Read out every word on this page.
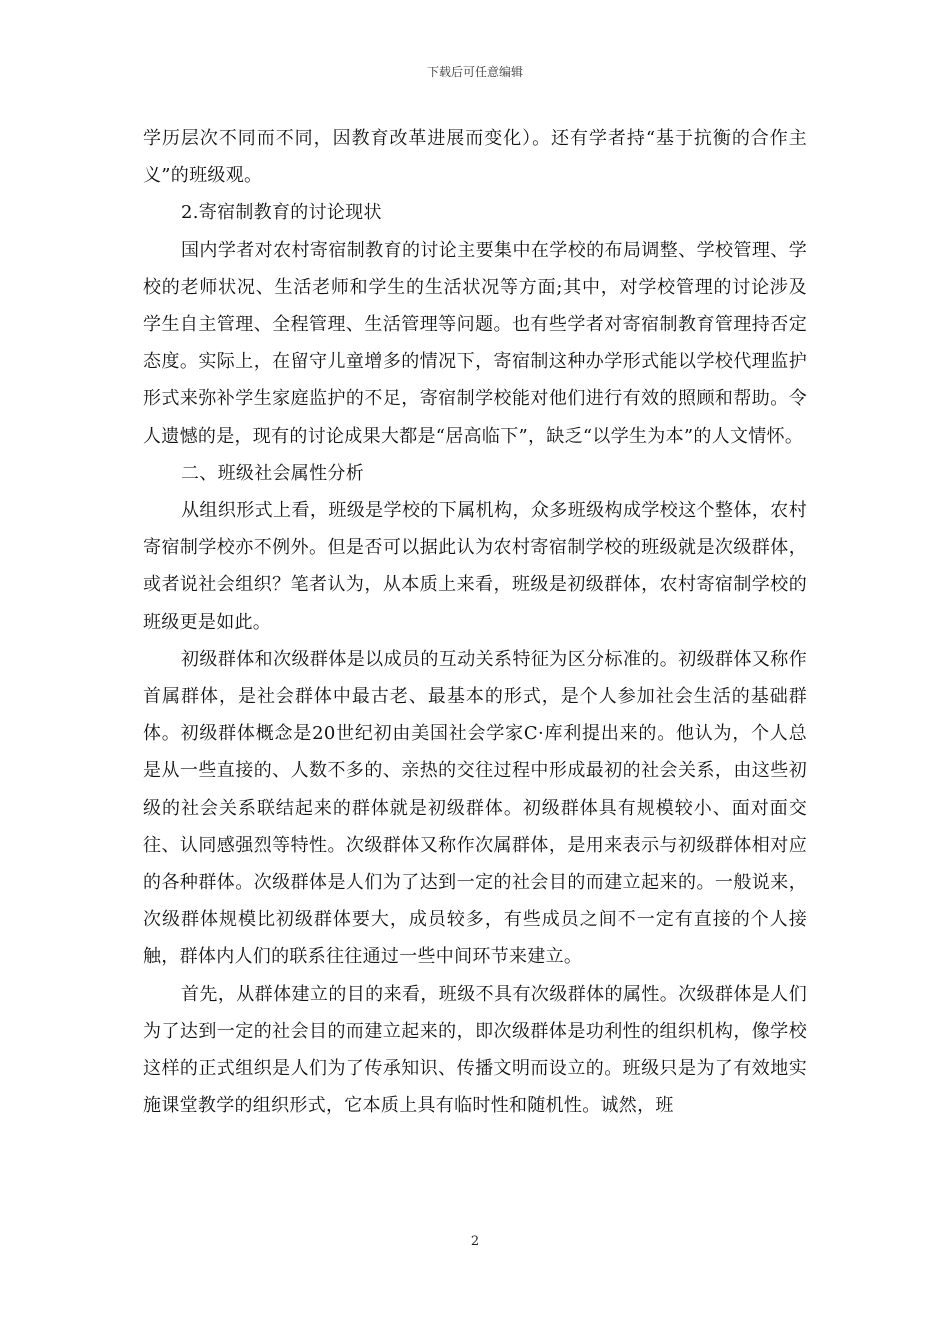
下载后可任意编辑

学历层次不同而不同，因教育改革进展而变化）。还有学者持“基于抗衡的合作主义”的班级观。

2.寄宿制教育的讨论现状

国内学者对农村寄宿制教育的讨论主要集中在学校的布局调整、学校管理、学校的老师状况、生活老师和学生的生活状况等方面;其中，对学校管理的讨论涉及学生自主管理、全程管理、生活管理等问题。也有些学者对寄宿制教育管理持否定态度。实际上，在留守儿童增多的情况下，寄宿制这种办学形式能以学校代理监护形式来弥补学生家庭监护的不足，寄宿制学校能对他们进行有效的照顾和帮助。令人遗憾的是，现有的讨论成果大都是“居高临下”，缺乏“以学生为本”的人文情怀。

二、班级社会属性分析

从组织形式上看，班级是学校的下属机构，众多班级构成学校这个整体，农村寄宿制学校亦不例外。但是否可以据此认为农村寄宿制学校的班级就是次级群体，或者说社会组织？笔者认为，从本质上来看，班级是初级群体，农村寄宿制学校的班级更是如此。

初级群体和次级群体是以成员的互动关系特征为区分标准的。初级群体又称作首属群体，是社会群体中最古老、最基本的形式，是个人参加社会生活的基础群体。初级群体概念是20世纪初由美国社会学家C·库利提出来的。他认为，个人总是从一些直接的、人数不多的、亲热的交往过程中形成最初的社会关系，由这些初级的社会关系联结起来的群体就是初级群体。初级群体具有规模较小、面对面交往、认同感强烈等特性。次级群体又称作次属群体，是用来表示与初级群体相对应的各种群体。次级群体是人们为了达到一定的社会目的而建立起来的。一般说来，次级群体规模比初级群体要大，成员较多，有些成员之间不一定有直接的个人接触，群体内人们的联系往往通过一些中间环节来建立。

首先，从群体建立的目的来看，班级不具有次级群体的属性。次级群体是人们为了达到一定的社会目的而建立起来的，即次级群体是功利性的组织机构，像学校这样的正式组织是人们为了传承知识、传播文明而设立的。班级只是为了有效地实施课堂教学的组织形式，它本质上具有临时性和随机性。诚然，班

2
